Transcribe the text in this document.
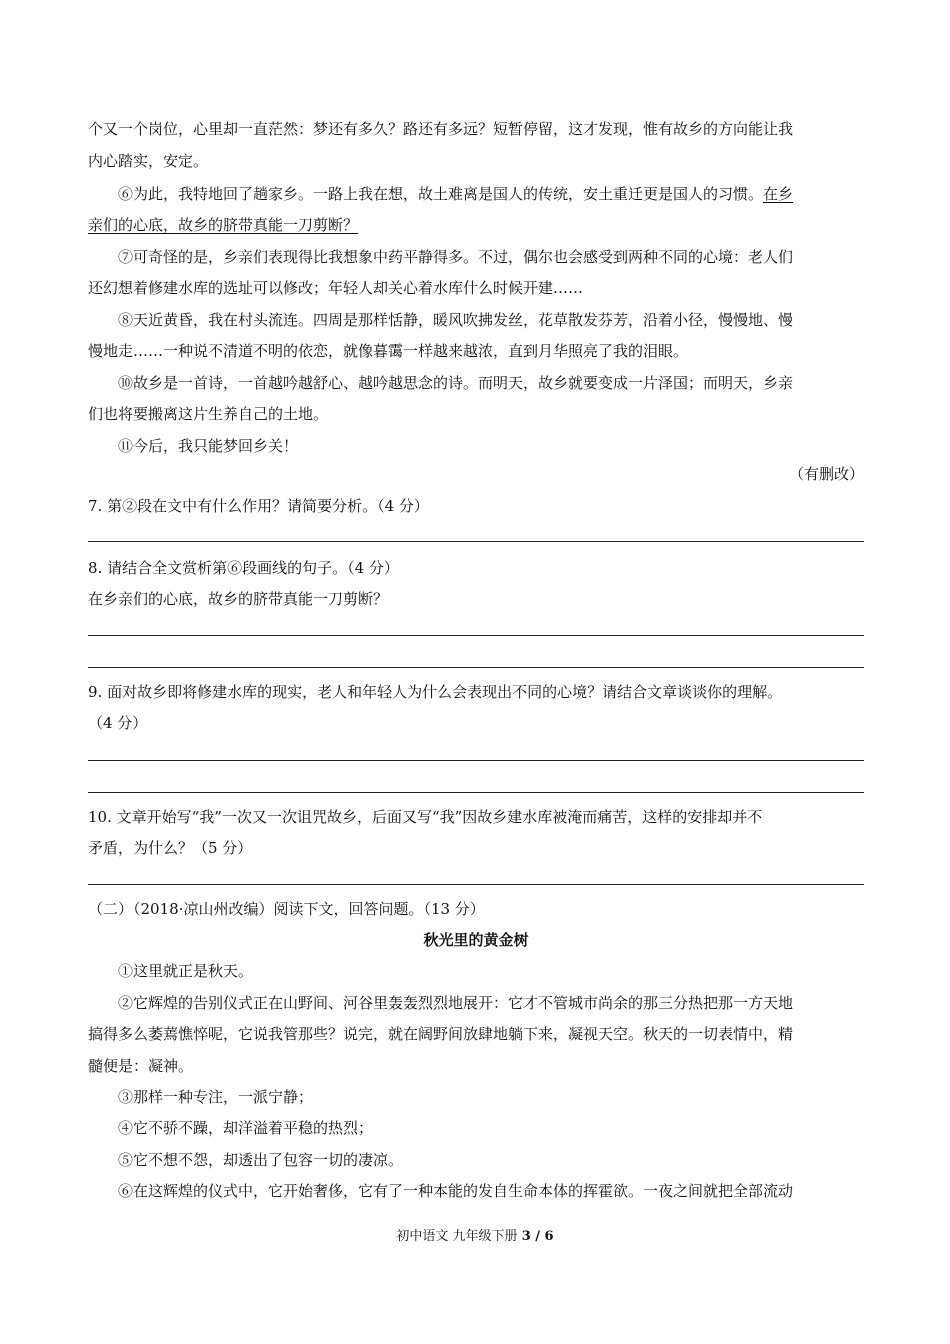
个又一个岗位，心里却一直茫然：梦还有多久？路还有多远？短暂停留，这才发现，惟有故乡的方向能让我
内心踏实，安定。
⑥为此，我特地回了趟家乡。一路上我在想，故土难离是国人的传统，安土重迁更是国人的习惯。在乡
亲们的心底，故乡的脐带真能一刀剪断？
⑦可奇怪的是，乡亲们表现得比我想象中药平静得多。不过，偶尔也会感受到两种不同的心境：老人们
还幻想着修建水库的选址可以修改；年轻人却关心着水库什么时候开建……
⑧天近黄昏，我在村头流连。四周是那样恬静，暖风吹拂发丝，花草散发芬芳，沿着小径，慢慢地、慢
慢地走……一种说不清道不明的依恋，就像暮霭一样越来越浓，直到月华照亮了我的泪眼。
⑩故乡是一首诗，一首越吟越舒心、越吟越思念的诗。而明天，故乡就要变成一片泽国；而明天，乡亲
们也将要搬离这片生养自己的土地。
⑪今后，我只能梦回乡关！
（有删改）
7. 第②段在文中有什么作用？请简要分析。（4 分）
8. 请结合全文赏析第⑥段画线的句子。（4 分）
在乡亲们的心底，故乡的脐带真能一刀剪断？
9. 面对故乡即将修建水库的现实，老人和年轻人为什么会表现出不同的心境？请结合文章谈谈你的理解。
（4 分）
10. 文章开始写“我”一次又一次诅咒故乡，后面又写“我”因故乡建水库被淹而痛苦，这样的安排却并不
矛盾，为什么？（5 分）
（二）（2018·凉山州改编）阅读下文，回答问题。（13 分）
秋光里的黄金树
①这里就正是秋天。
②它辉煌的告别仪式正在山野间、河谷里轰轰烈烈地展开：它才不管城市尚余的那三分热把那一方天地
搞得多么萎蔫憔悴呢，它说我管那些？说完，就在阔野间放肆地躺下来，凝视天空。秋天的一切表情中，精
髓便是：凝神。
③那样一种专注，一派宁静；
④它不骄不躁，却洋溢着平稳的热烈；
⑤它不想不怨，却透出了包容一切的凄凉。
⑥在这辉煌的仪式中，它开始奢侈，它有了一种本能的发自生命本体的挥霍欲。一夜之间就把全部流动
初中语文 九年级下册 3 / 6
